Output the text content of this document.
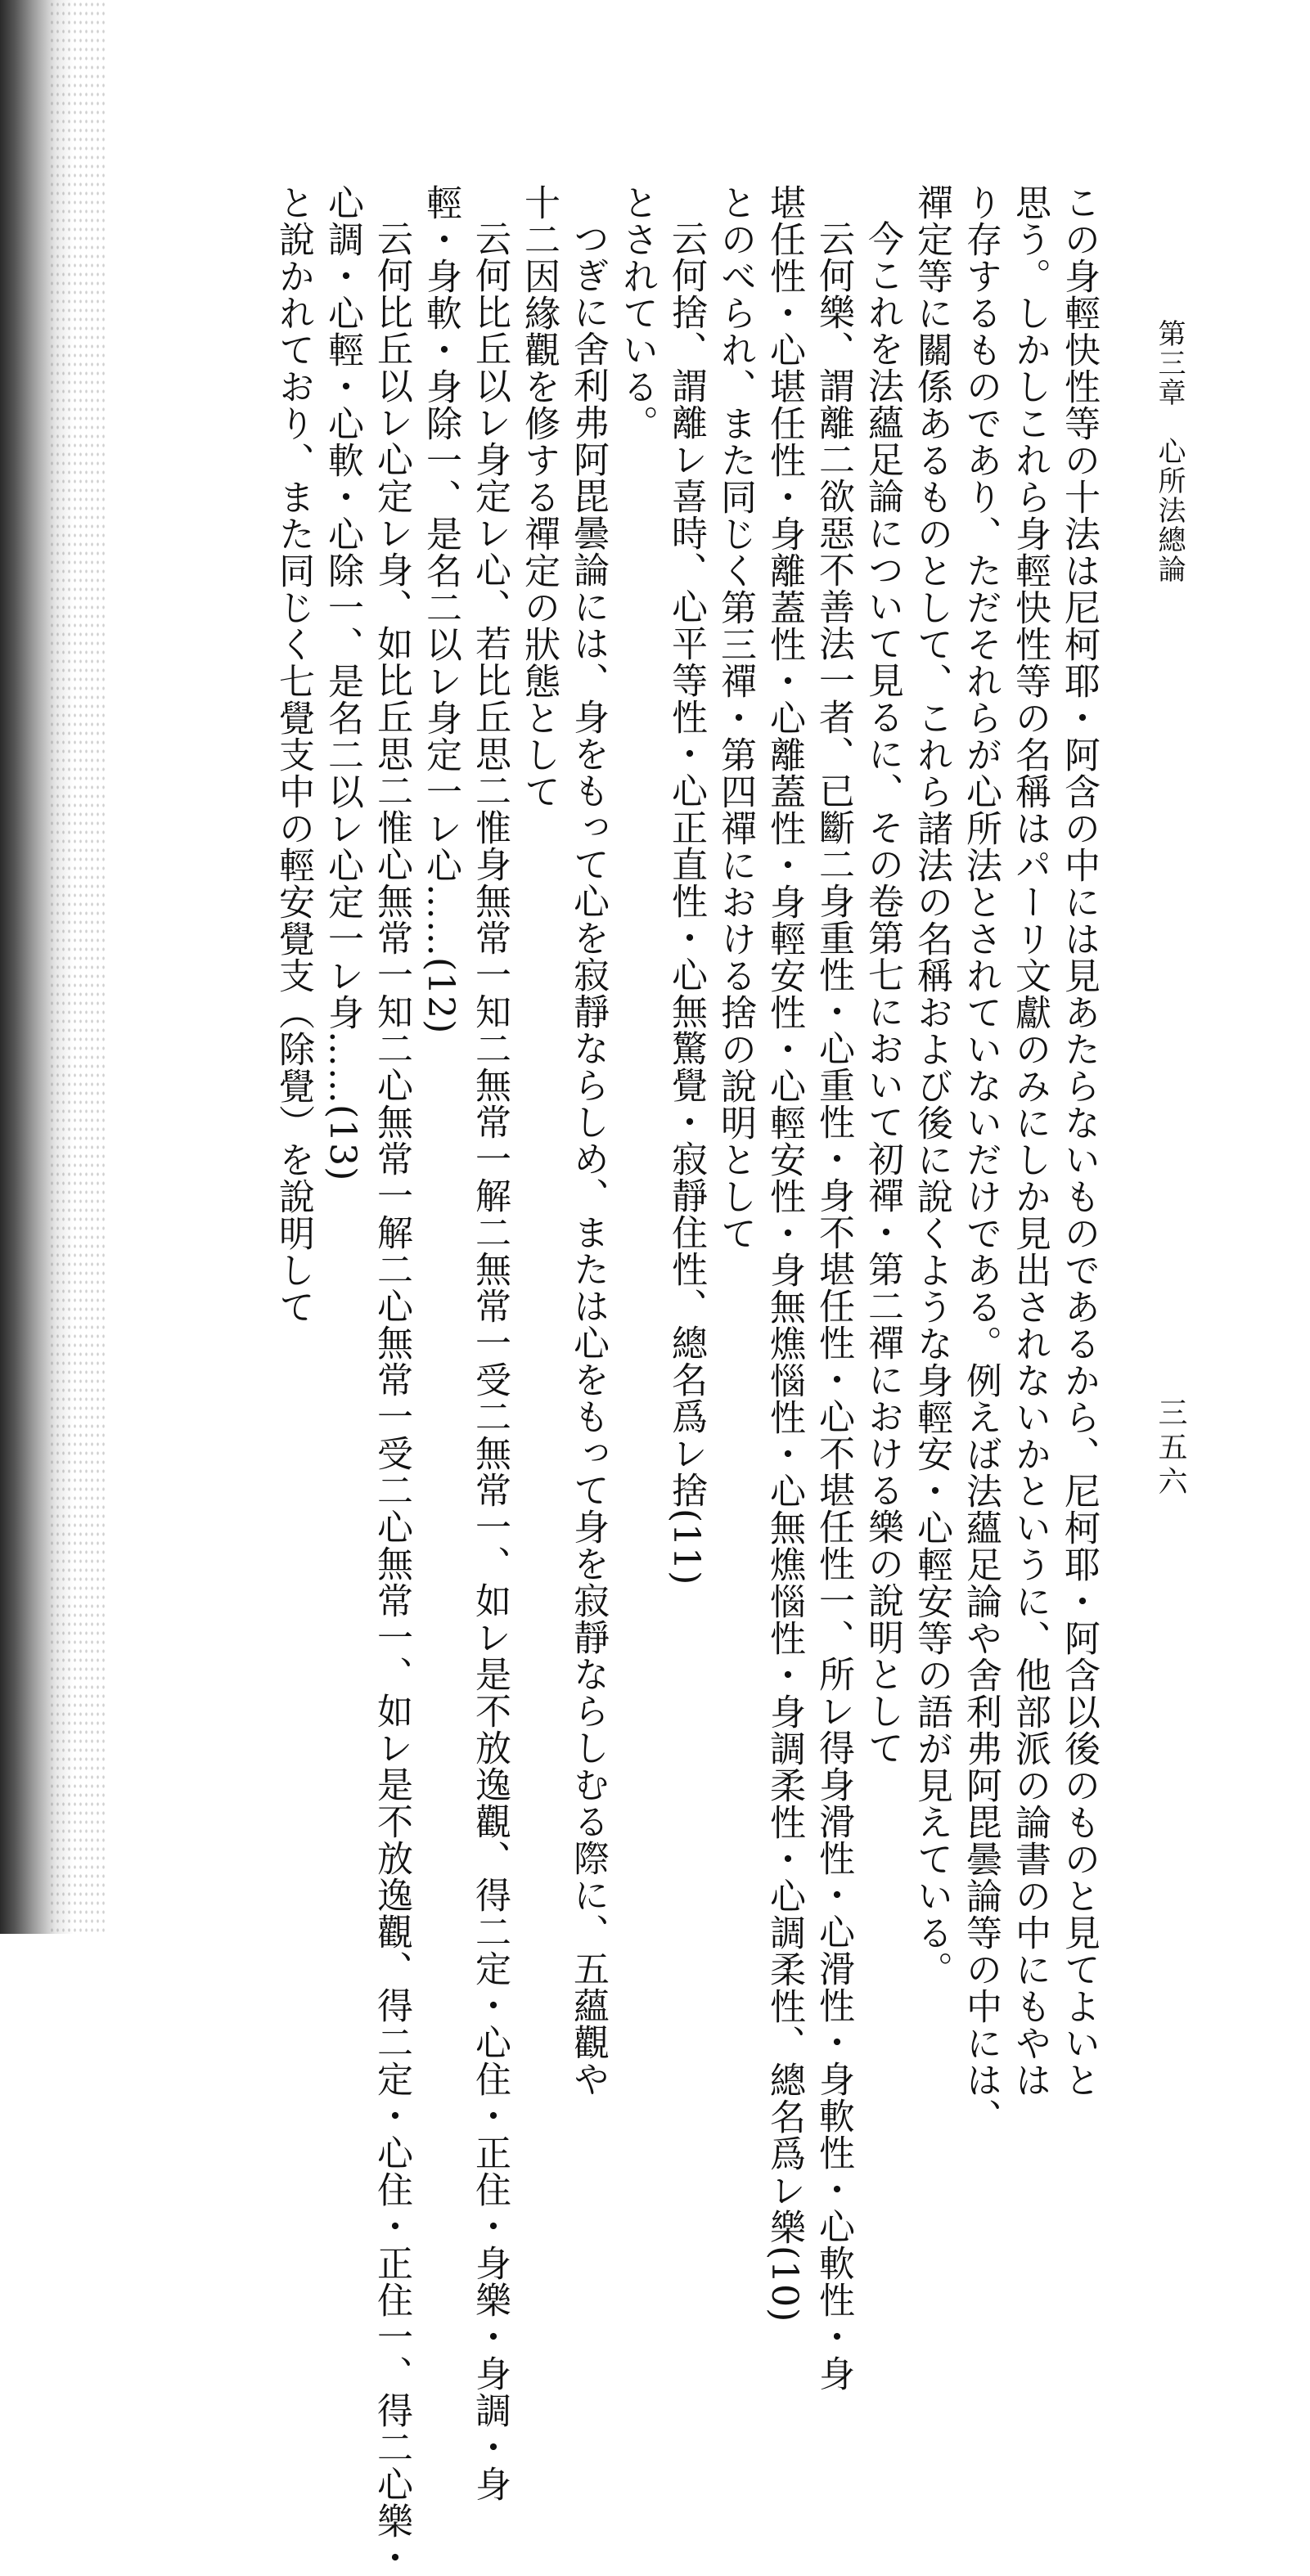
第三章　心所法總論
三五六
この身輕快性等の十法は尼柯耶・阿含の中には見あたらないものであるから、尼柯耶・阿含以後のものと見てよいと
思う。しかしこれら身輕快性等の名稱はパーリ文獻のみにしか見出されないかというに、他部派の論書の中にもやは
り存するものであり、ただそれらが心所法とされていないだけである。例えば法蘊足論や舍利弗阿毘曇論等の中には、
禪定等に關係あるものとして、これら諸法の名稱および後に說くような身輕安・心輕安等の語が見えている。
今これを法蘊足論について見るに、その卷第七において初禪・第二禪における樂の說明として
云何樂、謂離二欲惡不善法一者、已斷二身重性・心重性・身不堪任性・心不堪任性一、所レ得身滑性・心滑性・身軟性・心軟性・身
堪任性・心堪任性・身離蓋性・心離蓋性・身輕安性・心輕安性・身無燋惱性・心無燋惱性・身調柔性・心調柔性、總名爲レ樂(10)
とのべられ、また同じく第三禪・第四禪における捨の說明として
云何捨、謂離レ喜時、心平等性・心正直性・心無驚覺・寂靜住性、總名爲レ捨(11)
とされている。
つぎに舍利弗阿毘曇論には、身をもって心を寂靜ならしめ、または心をもって身を寂靜ならしむる際に、五蘊觀や
十二因緣觀を修する禪定の狀態として
云何比丘以レ身定レ心、若比丘思二惟身無常一知二無常一解二無常一受二無常一、如レ是不放逸觀、得二定・心住・正住・身樂・身調・身
輕・身軟・身除一、是名二以レ身定一レ心……(12)
云何比丘以レ心定レ身、如比丘思二惟心無常一知二心無常一解二心無常一受二心無常一、如レ是不放逸觀、得二定・心住・正住一、得二心樂・
心調・心輕・心軟・心除一、是名二以レ心定一レ身……(13)
と說かれており、また同じく七覺支中の輕安覺支（除覺）を說明して
